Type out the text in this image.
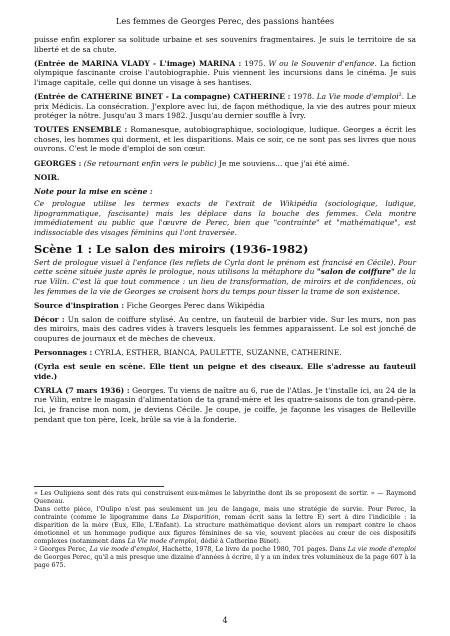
Les femmes de Georges Perec, des passions hantées

puisse enfin explorer sa solitude urbaine et ses souvenirs fragmentaires. Je suis le territoire de sa liberté et de sa chute.

(Entrée de MARINA VLADY - L'image) MARINA : 1975. W ou le Souvenir d'enfance. La fiction olympique fascinante croise l'autobiographie. Puis viennent les incursions dans le cinéma. Je suis l'image capitale, celle qui donne un visage à ses hantises.

(Entrée de CATHERINE BINET - La compagne) CATHERINE : 1978. La Vie mode d'emploi$^2$. Le prix Médicis. La consécration. J'explore avec lui, de façon méthodique, la vie des autres pour mieux protéger la nôtre. Jusqu'au 3 mars 1982. Jusqu'au dernier souffle à Ivry.

TOUTES ENSEMBLE : Romanesque, autobiographique, sociologique, ludique. Georges a écrit les choses, les hommes qui dorment, et les disparitions. Mais ce soir, ce ne sont pas ses livres que nous ouvrons. C'est le mode d'emploi de son cœur.

GEORGES : (Se retournant enfin vers le public) Je me souviens... que j'ai été aimé.

NOIR.

Note pour la mise en scène :

Ce prologue utilise les termes exacts de l'extrait de Wikipédia (sociologique, ludique, lipogrammatique, fascisante) mais les déplace dans la bouche des femmes. Cela montre immédiatement au public que l'œuvre de Perec, bien que "contrainte" et "mathématique", est indissociable des visages féminins qui l'ont traversée.

Scène 1 : Le salon des miroirs (1936-1982)

Sert de prologue visuel à l'enfance (les reflets de Cyrla dont le prénom est francisé en Cécile). Pour cette scène située juste après le prologue, nous utilisons la métaphore du "salon de coiffure" de la rue Vilin. C'est là que tout commence : un lieu de transformation, de miroirs et de confidences, où les femmes de la vie de Georges se croisent hors du temps pour tisser la trame de son existence.

Source d'inspiration : Fiche Georges Perec dans Wikipédia

Décor : Un salon de coiffure stylisé. Au centre, un fauteuil de barbier vide. Sur les murs, non pas des miroirs, mais des cadres vides à travers lesquels les femmes apparaissent. Le sol est jonché de coupures de journaux et de mèches de cheveux.

Personnages : CYRLA, ESTHER, BIANCA, PAULETTE, SUZANNE, CATHERINE.

(Cyrla est seule en scène. Elle tient un peigne et des ciseaux. Elle s'adresse au fauteuil vide.)

CYRLA (7 mars 1936) : Georges. Tu viens de naître au 6, rue de l'Atlas. Je t'installe ici, au 24 de la rue Vilin, entre le magasin d'alimentation de ta grand-mère et les quatre-saisons de ton grand-père. Ici, je francise mon nom, je deviens Cécile. Je coupe, je coiffe, je façonne les visages de Belleville pendant que ton père, Icek, brûle sa vie à la fonderie.

« Les Oulipiens sont des rats qui construisent eux-mêmes le labyrinthe dont ils se proposent de sortir. » — Raymond Queneau.

Dans cette pièce, l'Oulipo n'est pas seulement un jeu de langage, mais une stratégie de survie. Pour Perec, la contrainte (comme le lipogramme dans La Disparition, roman écrit sans la lettre E) sert à dire l'indicible : la disparition de la mère (Eux, Elle, L'Enfant). La structure mathématique devient alors un rempart contre le chaos émotionnel et un hommage pudique aux figures féminines de sa vie, souvent placées au cœur de ces dispositifs complexes (notamment dans La Vie mode d'emploi, dédié à Catherine Binet).

$^2$ Georges Perec, La vie mode d'emploi, Hachette, 1978, Le livre de poche 1980, 701 pages. Dans La vie mode d'emploi de Georges Perec, qu'il a mis presque une dizaine d'années à écrire, il y a un index très volumineux de la page 607 à la page 675.

4
